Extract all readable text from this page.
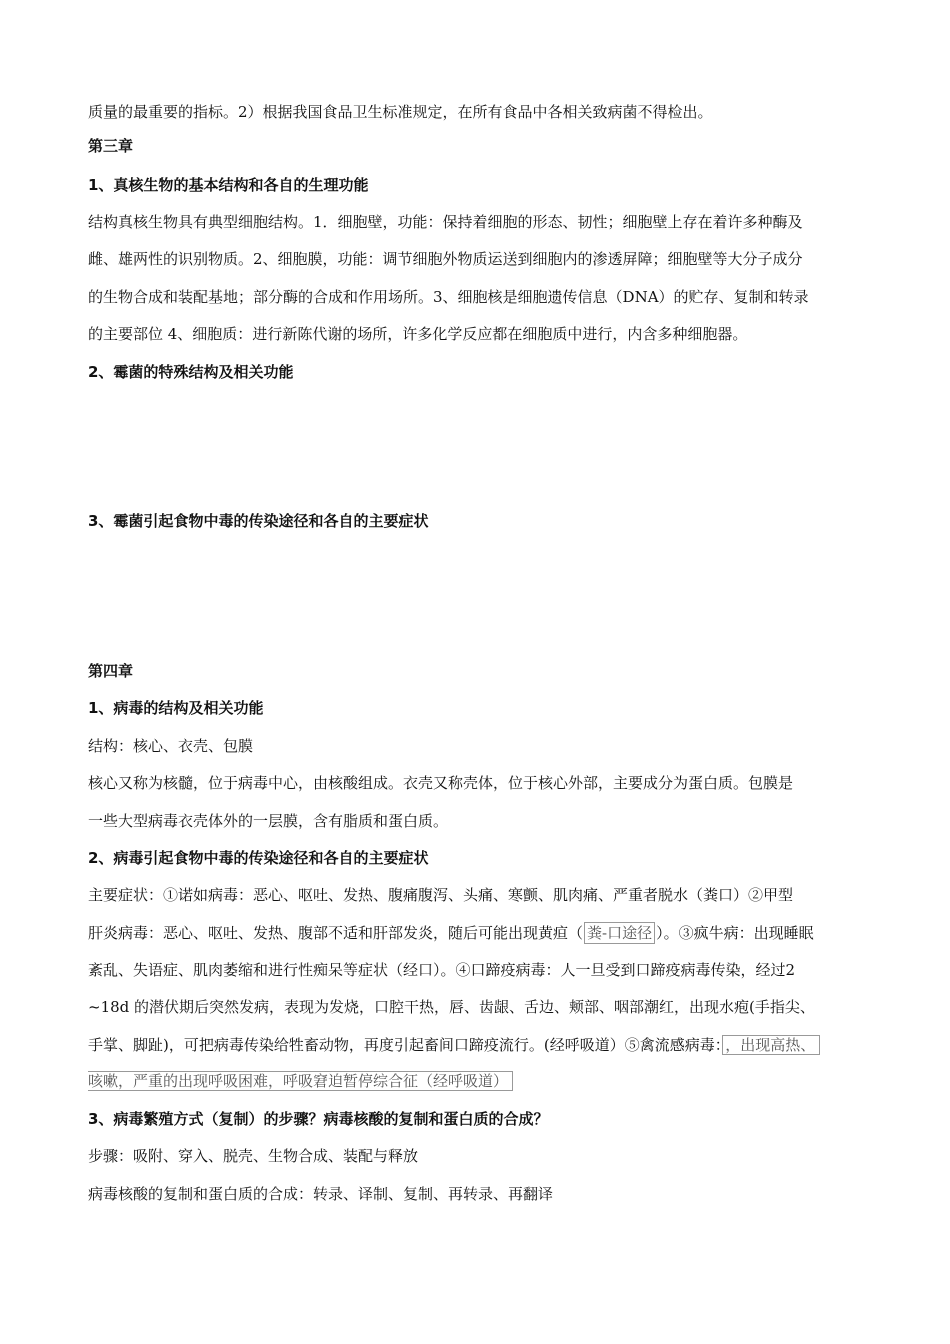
质量的最重要的指标。2）根据我国食品卫生标准规定，在所有食品中各相关致病菌不得检出。
第三章
1、真核生物的基本结构和各自的生理功能
结构真核生物具有典型细胞结构。1．细胞壁，功能：保持着细胞的形态、韧性；细胞壁上存在着许多种酶及
雌、雄两性的识别物质。2、细胞膜，功能：调节细胞外物质运送到细胞内的渗透屏障；细胞壁等大分子成分
的生物合成和装配基地；部分酶的合成和作用场所。3、细胞核是细胞遗传信息（DNA）的贮存、复制和转录
的主要部位 4、细胞质：进行新陈代谢的场所，许多化学反应都在细胞质中进行，内含多种细胞器。
2、霉菌的特殊结构及相关功能
3、霉菌引起食物中毒的传染途径和各自的主要症状
第四章
1、病毒的结构及相关功能
结构：核心、衣壳、包膜
核心又称为核髓，位于病毒中心，由核酸组成。衣壳又称壳体，位于核心外部，主要成分为蛋白质。包膜是
一些大型病毒衣壳体外的一层膜，含有脂质和蛋白质。
2、病毒引起食物中毒的传染途径和各自的主要症状
主要症状：①诺如病毒：恶心、呕吐、发热、腹痛腹泻、头痛、寒颤、肌肉痛、严重者脱水（粪口）②甲型
肝炎病毒：恶心、呕吐、发热、腹部不适和肝部发炎，随后可能出现黄疸（ 粪-口途径 ）。③疯牛病：出现睡眠
紊乱、失语症、肌肉萎缩和进行性痴呆等症状（经口）。④口蹄疫病毒：人一旦受到口蹄疫病毒传染，经过2
~18d 的潜伏期后突然发病，表现为发烧，口腔干热，唇、齿龈、舌边、颊部、咽部潮红，出现水疱(手指尖、
手掌、脚趾)，可把病毒传染给牲畜动物，再度引起畜间口蹄疫流行。(经呼吸道）⑤禽流感病毒： ，出现高热、
咳嗽，严重的出现呼吸困难，呼吸窘迫暂停综合征（经呼吸道）
3、病毒繁殖方式（复制）的步骤？病毒核酸的复制和蛋白质的合成？
步骤：吸附、穿入、脱壳、生物合成、装配与释放
病毒核酸的复制和蛋白质的合成：转录、译制、复制、再转录、再翻译
